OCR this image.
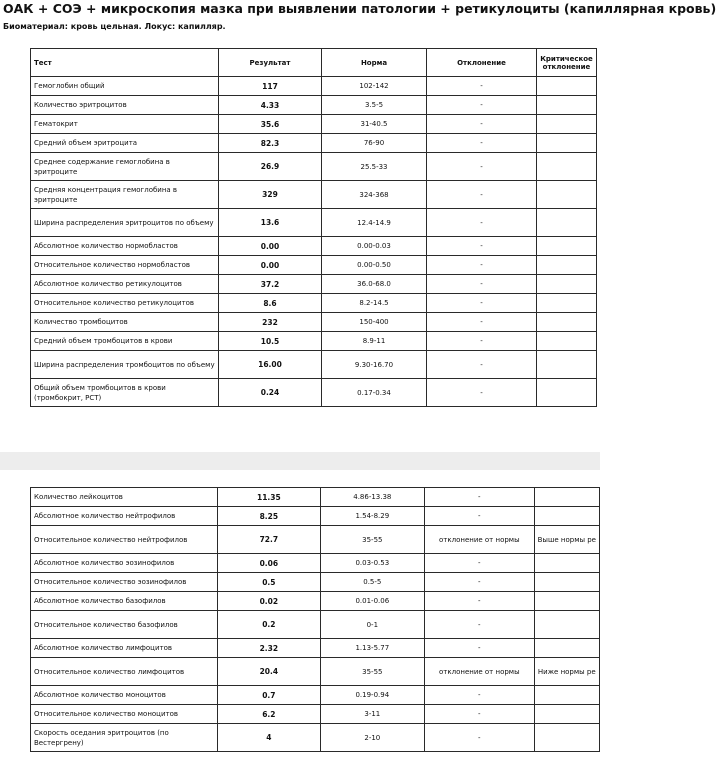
ОАК + СОЭ + микроскопия мазка при выявлении патологии + ретикулоциты (капиллярная кровь)
Биоматериал: кровь цельная. Локус: капилляр.
Тест	Результат	Норма	Отклонение	Критическое отклонение
Гемоглобин общий	117	102-142	-	
Количество эритроцитов	4.33	3.5-5	-	
Гематокрит	35.6	31-40.5	-	
Средний объем эритроцита	82.3	76-90	-	
Среднее содержание гемоглобина в эритроците	26.9	25.5-33	-	
Средняя концентрация гемоглобина в эритроците	329	324-368	-	
Ширина распределения эритроцитов по объему	13.6	12.4-14.9	-	
Абсолютное количество нормобластов	0.00	0.00-0.03	-	
Относительное количество нормобластов	0.00	0.00-0.50	-	
Абсолютное количество ретикулоцитов	37.2	36.0-68.0	-	
Относительное количество ретикулоцитов	8.6	8.2-14.5	-	
Количество тромбоцитов	232	150-400	-	
Средний объем тромбоцитов в крови	10.5	8.9-11	-	
Ширина распределения тромбоцитов по объему	16.00	9.30-16.70	-	
Общий объем тромбоцитов в крови (тромбокрит, PCT)	0.24	0.17-0.34	-	
Количество лейкоцитов	11.35	4.86-13.38	-	
Абсолютное количество нейтрофилов	8.25	1.54-8.29	-	
Относительное количество нейтрофилов	72.7	35-55	отклонение от нормы	Выше нормы ре
Абсолютное количество эозинофилов	0.06	0.03-0.53	-	
Относительное количество эозинофилов	0.5	0.5-5	-	
Абсолютное количество базофилов	0.02	0.01-0.06	-	
Относительное количество базофилов	0.2	0-1	-	
Абсолютное количество лимфоцитов	2.32	1.13-5.77	-	
Относительное количество лимфоцитов	20.4	35-55	отклонение от нормы	Ниже нормы ре
Абсолютное количество моноцитов	0.7	0.19-0.94	-	
Относительное количество моноцитов	6.2	3-11	-	
Скорость оседания эритроцитов (по Вестергрену)	4	2-10	-	
